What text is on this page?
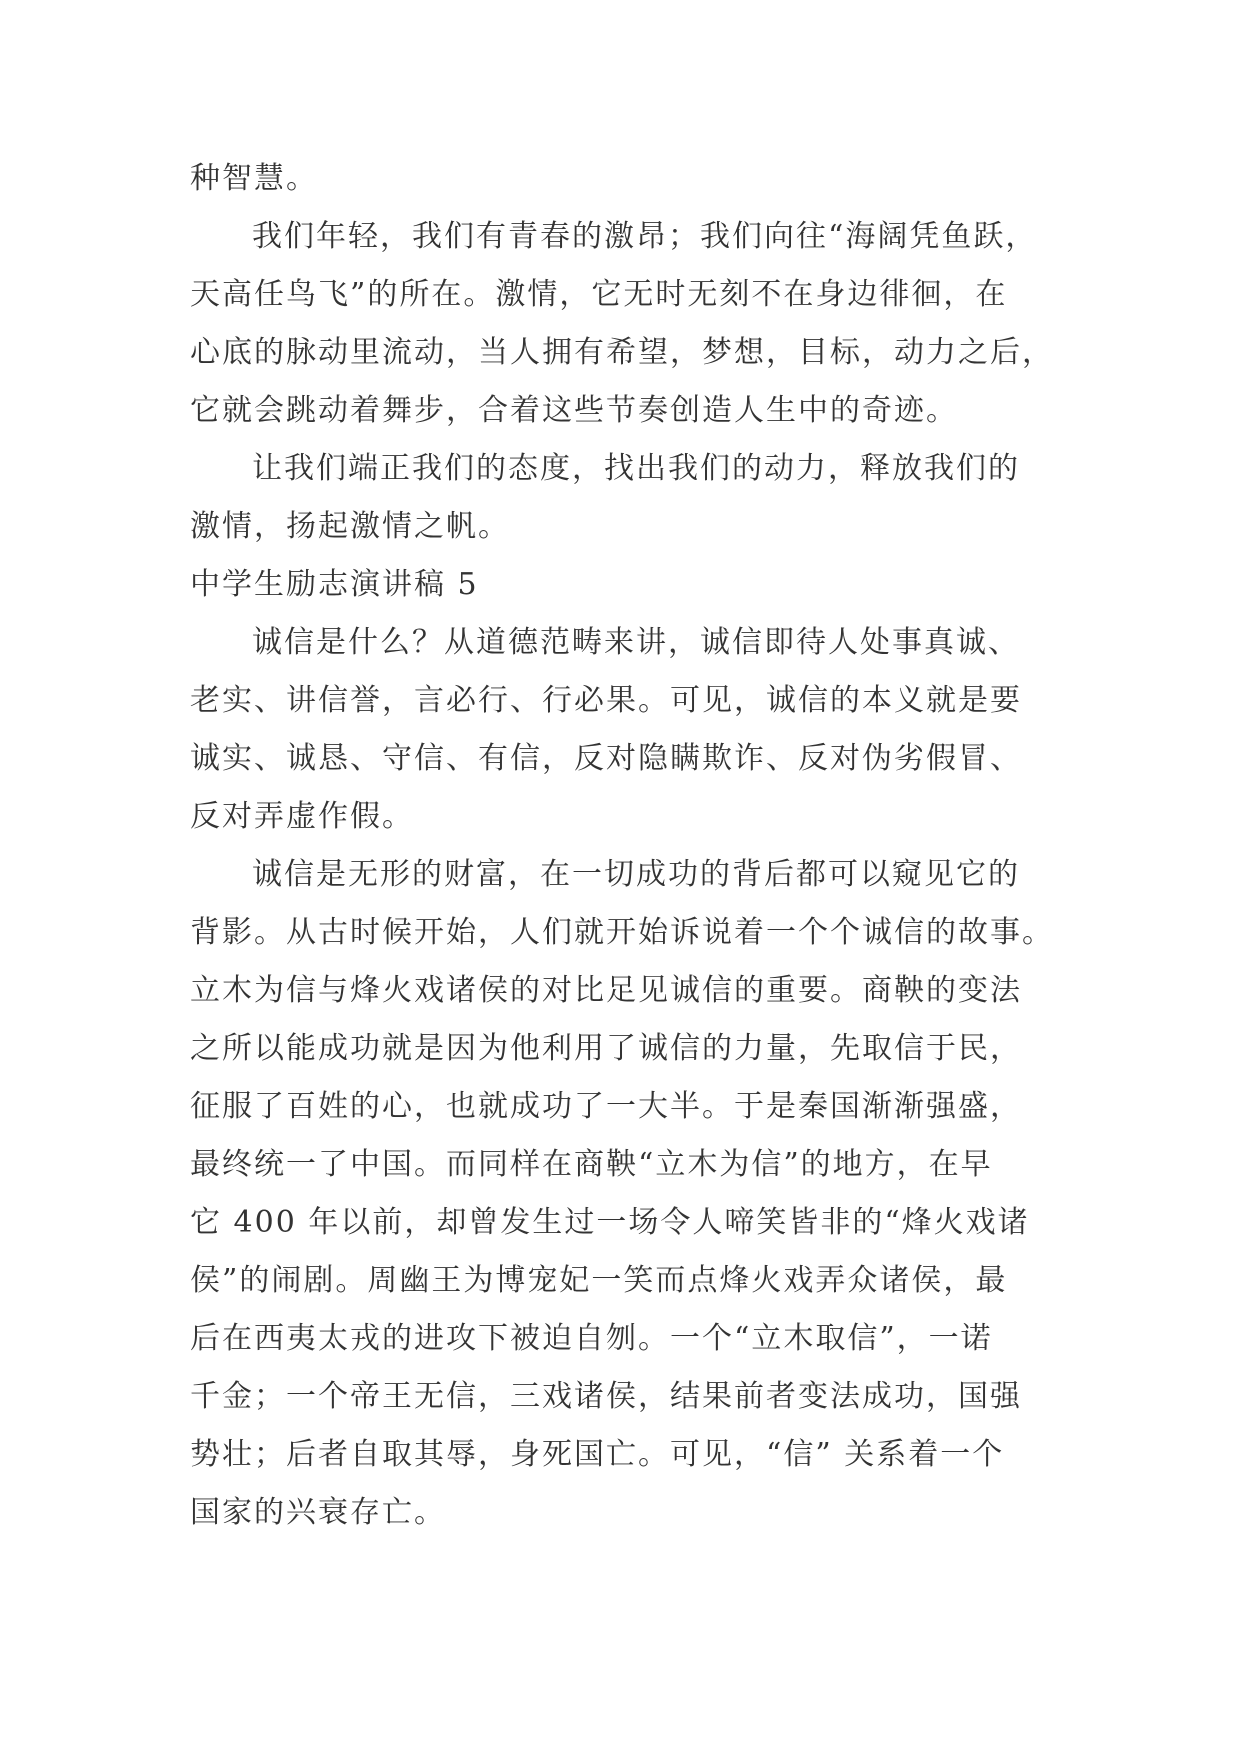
种智慧。

我们年轻，我们有青春的激昂；我们向往“海阔凭鱼跃，
天高任鸟飞”的所在。激情，它无时无刻不在身边徘徊，在
心底的脉动里流动，当人拥有希望，梦想，目标，动力之后，
它就会跳动着舞步，合着这些节奏创造人生中的奇迹。

让我们端正我们的态度，找出我们的动力，释放我们的
激情，扬起激情之帆。

中学生励志演讲稿 5

诚信是什么？从道德范畴来讲，诚信即待人处事真诚、
老实、讲信誉，言必行、行必果。可见，诚信的本义就是要
诚实、诚恳、守信、有信，反对隐瞒欺诈、反对伪劣假冒、
反对弄虚作假。

诚信是无形的财富，在一切成功的背后都可以窥见它的
背影。从古时候开始，人们就开始诉说着一个个诚信的故事。
立木为信与烽火戏诸侯的对比足见诚信的重要。商鞅的变法
之所以能成功就是因为他利用了诚信的力量，先取信于民，
征服了百姓的心，也就成功了一大半。于是秦国渐渐强盛，
最终统一了中国。而同样在商鞅“立木为信”的地方，在早
它 400 年以前，却曾发生过一场令人啼笑皆非的“烽火戏诸
侯”的闹剧。周幽王为博宠妃一笑而点烽火戏弄众诸侯，最
后在西夷太戎的进攻下被迫自刎。一个“立木取信”，一诺
千金；一个帝王无信，三戏诸侯，结果前者变法成功，国强
势壮；后者自取其辱，身死国亡。可见，“信” 关系着一个
国家的兴衰存亡。
